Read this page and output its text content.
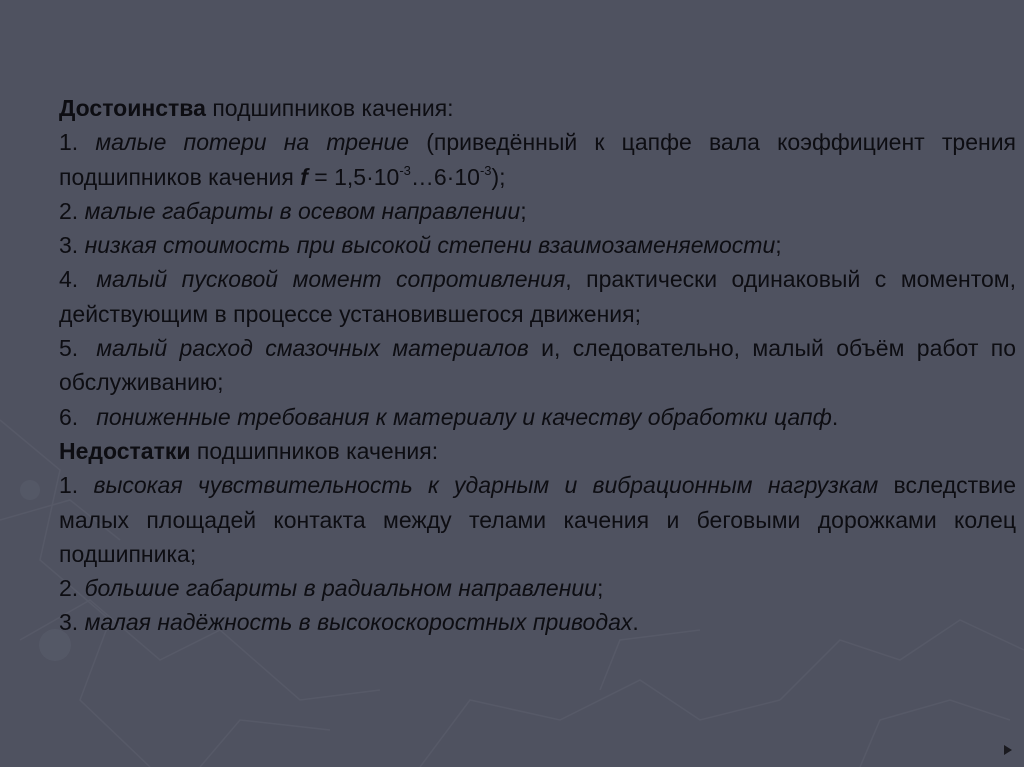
Достоинства подшипников качения:

1. малые потери на трение (приведённый к цапфе вала коэффициент трения подшипников качения $f = 1,5\cdot 10^{-3}\dots 6\cdot 10^{-3}$);

2. малые габариты в осевом направлении;

3. низкая стоимость при высокой степени взаимозаменяемости;

4. малый пусковой момент сопротивления, практически одинаковый с моментом, действующим в процессе установившегося движения;

5. малый расход смазочных материалов и, следовательно, малый объём работ по обслуживанию;

6. пониженные требования к материалу и качеству обработки цапф.

Недостатки подшипников качения:

1. высокая чувствительность к ударным и вибрационным нагрузкам вследствие малых площадей контакта между телами качения и беговыми дорожками колец подшипника;

2. большие габариты в радиальном направлении;

3. малая надёжность в высокоскоростных приводах.
